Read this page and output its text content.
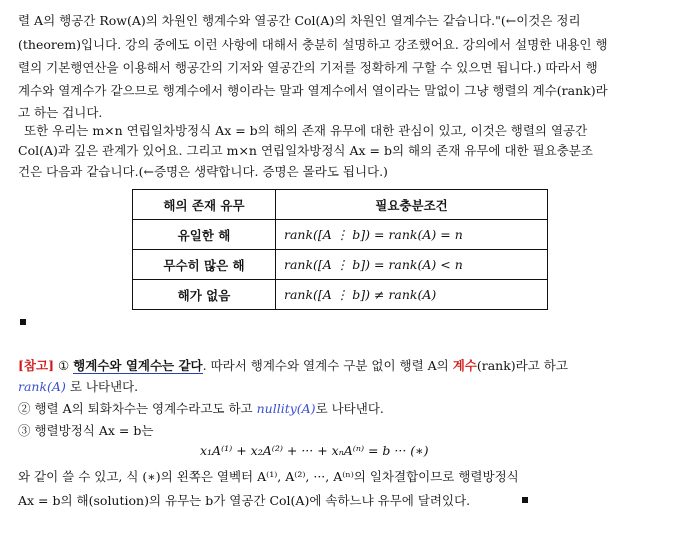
렬 A의 행공간 Row(A)의 차원인 행계수와 열공간 Col(A)의 차원인 열계수는 같습니다."(←이것은 정리
(theorem)입니다. 강의 중에도 이런 사항에 대해서 충분히 설명하고 강조했어요. 강의에서 설명한 내용인 행
렬의 기본행연산을 이용해서 행공간의 기저와 열공간의 기저를 정확하게 구할 수 있으면 됩니다.) 따라서 행
계수와 열계수가 같으므로 행계수에서 행이라는 말과 열계수에서 열이라는 말없이 그냥 행렬의 계수(rank)라
고 하는 겁니다.
또한 우리는 m×n 연립일차방정식 Ax = b의 해의 존재 유무에 대한 관심이 있고, 이것은 행렬의 열공간
Col(A)과 깊은 관계가 있어요. 그리고 m×n 연립일차방정식 Ax = b의 해의 존재 유무에 대한 필요충분조
건은 다음과 같습니다.(←증명은 생략합니다. 증명은 몰라도 됩니다.)
해의 존재 유무	필요충분조건
유일한 해	rank([A ⋮ b]) = rank(A) = n
무수히 많은 해	rank([A ⋮ b]) = rank(A) < n
해가 없음	rank([A ⋮ b]) ≠ rank(A)
[참고] ① 행계수와 열계수는 같다. 따라서 행계수와 열계수 구분 없이 행렬 A의 계수(rank)라고 하고
rank(A) 로 나타낸다.
② 행렬 A의 퇴화차수는 영계수라고도 하고 nullity(A)로 나타낸다.
③ 행렬방정식 Ax = b는
x₁A⁽¹⁾ + x₂A⁽²⁾ + ··· + xₙA⁽ⁿ⁾ = b ··· (∗)
와 같이 쓸 수 있고, 식 (∗)의 왼쪽은 열벡터 A⁽¹⁾, A⁽²⁾, ···, A⁽ⁿ⁾의 일차결합이므로 행렬방정식
Ax = b의 해(solution)의 유무는 b가 열공간 Col(A)에 속하느냐 유무에 달려있다.
